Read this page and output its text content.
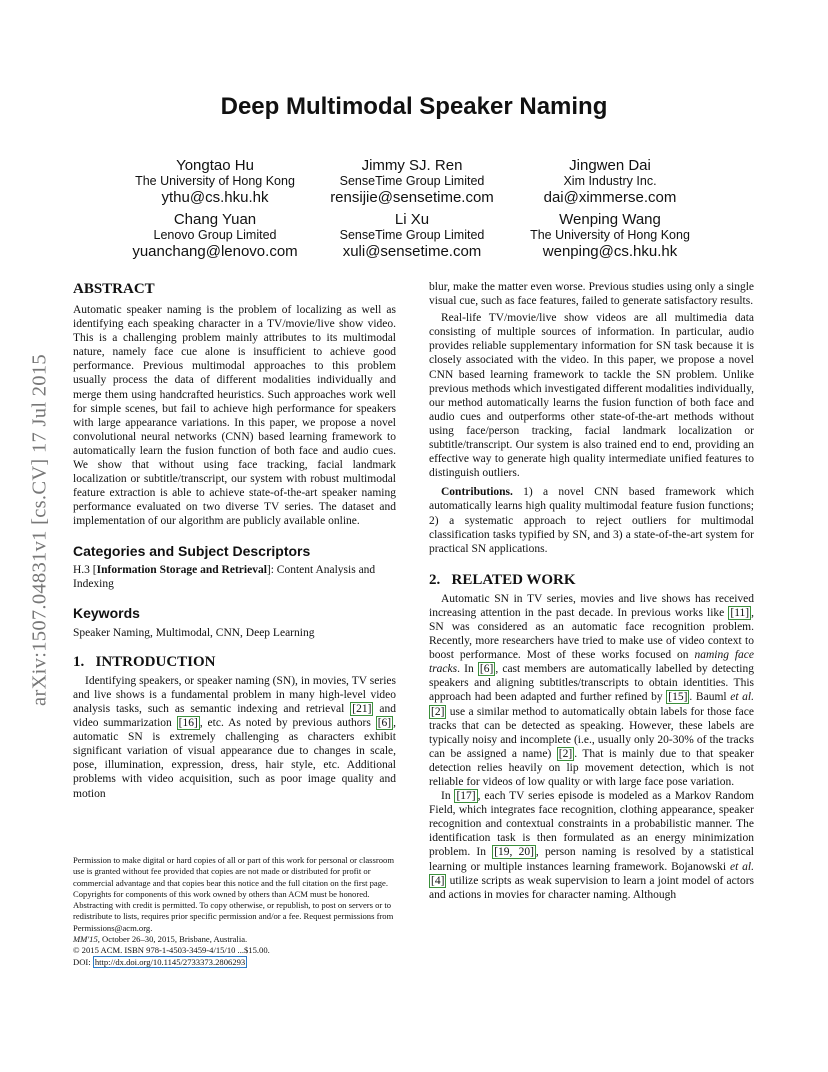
Deep Multimodal Speaker Naming
arXiv:1507.04831v1 [cs.CV] 17 Jul 2015
Yongtao Hu
The University of Hong Kong
ythu@cs.hku.hk
Jimmy SJ. Ren
SenseTime Group Limited
rensijie@sensetime.com
Jingwen Dai
Xim Industry Inc.
dai@ximmerse.com
Chang Yuan
Lenovo Group Limited
yuanchang@lenovo.com
Li Xu
SenseTime Group Limited
xuli@sensetime.com
Wenping Wang
The University of Hong Kong
wenping@cs.hku.hk
ABSTRACT

Automatic speaker naming is the problem of localizing as well as identifying each speaking character in a TV/movie/live show video. This is a challenging problem mainly attributes to its multimodal nature, namely face cue alone is insufficient to achieve good performance. Previous multimodal approaches to this problem usually process the data of different modalities individually and merge them using handcrafted heuristics. Such approaches work well for simple scenes, but fail to achieve high performance for speakers with large appearance variations. In this paper, we propose a novel convolutional neural networks (CNN) based learning framework to automatically learn the fusion function of both face and audio cues. We show that without using face tracking, facial landmark localization or subtitle/transcript, our system with robust multimodal feature extraction is able to achieve state-of-the-art speaker naming performance evaluated on two diverse TV series. The dataset and implementation of our algorithm are publicly available online.

Categories and Subject Descriptors

H.3 [Information Storage and Retrieval]: Content Analysis and Indexing

Keywords

Speaker Naming, Multimodal, CNN, Deep Learning

1.   INTRODUCTION

Identifying speakers, or speaker naming (SN), in movies, TV series and live shows is a fundamental problem in many high-level video analysis tasks, such as semantic indexing and retrieval [21] and video summarization [16] , etc. As noted by previous authors [6] , automatic SN is extremely challenging as characters exhibit significant variation of visual appearance due to changes in scale, pose, illumination, expression, dress, hair style, etc. Additional problems with video acquisition, such as poor image quality and motion

Permission to make digital or hard copies of all or part of this work for personal or classroom use is granted without fee provided that copies are not made or distributed for profit or commercial advantage and that copies bear this notice and the full citation on the first page. Copyrights for components of this work owned by others than ACM must be honored. Abstracting with credit is permitted. To copy otherwise, or republish, to post on servers or to redistribute to lists, requires prior specific permission and/or a fee. Request permissions from Permissions@acm.org.

MM'15, October 26–30, 2015, Brisbane, Australia.

© 2015 ACM. ISBN 978-1-4503-3459-4/15/10 ...$15.00.

DOI: http://dx.doi.org/10.1145/2733373.2806293

blur, make the matter even worse. Previous studies using only a single visual cue, such as face features, failed to generate satisfactory results.

Real-life TV/movie/live show videos are all multimedia data consisting of multiple sources of information. In particular, audio provides reliable supplementary information for SN task because it is closely associated with the video. In this paper, we propose a novel CNN based learning framework to tackle the SN problem. Unlike previous methods which investigated different modalities individually, our method automatically learns the fusion function of both face and audio cues and outperforms other state-of-the-art methods without using face/person tracking, facial landmark localization or subtitle/transcript. Our system is also trained end to end, providing an effective way to generate high quality intermediate unified features to distinguish outliers.

Contributions. 1) a novel CNN based framework which automatically learns high quality multimodal feature fusion functions; 2) a systematic approach to reject outliers for multimodal classification tasks typified by SN, and 3) a state-of-the-art system for practical SN applications.

2.   RELATED WORK

Automatic SN in TV series, movies and live shows has received increasing attention in the past decade. In previous works like [11] , SN was considered as an automatic face recognition problem. Recently, more researchers have tried to make use of video context to boost performance. Most of these works focused on naming face tracks. In [6] , cast members are automatically labelled by detecting speakers and aligning subtitles/transcripts to obtain identities. This approach had been adapted and further refined by [15] . Bauml et al. [2] use a similar method to automatically obtain labels for those face tracks that can be detected as speaking. However, these labels are typically noisy and incomplete (i.e., usually only 20-30% of the tracks can be assigned a name) [2] . That is mainly due to that speaker detection relies heavily on lip movement detection, which is not reliable for videos of low quality or with large face pose variation.

In [17] , each TV series episode is modeled as a Markov Random Field, which integrates face recognition, clothing appearance, speaker recognition and contextual constraints in a probabilistic manner. The identification task is then formulated as an energy minimization problem. In [19, 20] , person naming is resolved by a statistical learning or multiple instances learning framework. Bojanowski et al. [4] utilize scripts as weak supervision to learn a joint model of actors and actions in movies for character naming. Although
